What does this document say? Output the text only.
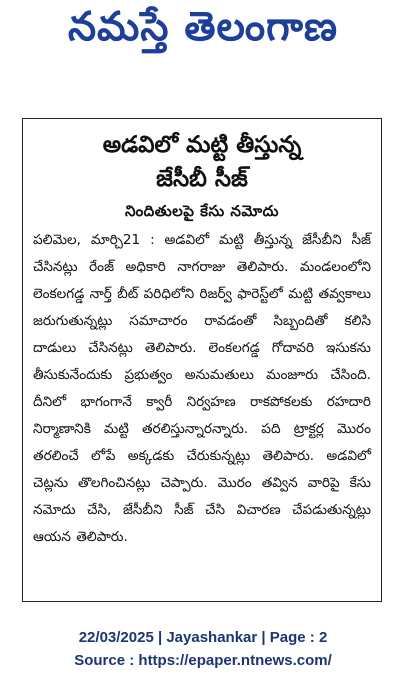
నమస్తే తెలంగాణ
అడవిలో మట్టి తీస్తున్న
జేసీబీ సీజ్
నిందితులపై కేసు నమోదు
పలిమెల, మార్చి21 : అడవిలో మట్టి తీస్తున్న జేసీబీని సీజ్ చేసినట్లు రేంజ్ అధికారి నాగరాజు తెలిపారు. మండలంలోని లెంకలగడ్డ నార్త్ బీట్ పరిధిలోని రిజర్వ్ ఫారెస్ట్‌లో మట్టి తవ్వకాలు జరుగుతున్నట్లు సమాచారం రావడంతో సిబ్బందితో కలిసి దాడులు చేసినట్లు తెలిపారు. లెంకలగడ్డ గోదావరి ఇసుకను తీసుకునేందుకు ప్రభుత్వం అనుమతులు మంజూరు చేసింది. దీనిలో భాగంగానే క్వారీ నిర్వహణ రాకపోకలకు రహదారి నిర్మాణానికి మట్టి తరలిస్తున్నారన్నారు. పది ట్రాక్టర్ల మొరం తరలించే లోపే అక్కడకు చేరుకున్నట్లు తెలిపారు. అడవిలో చెట్లను తొలగించినట్లు చెప్పారు. మొరం తవ్విన వారిపై కేసు నమోదు చేసి, జేసీబీని సీజ్ చేసి విచారణ చేపడుతున్నట్లు ఆయన తెలిపారు.
22/03/2025 | Jayashankar | Page : 2
Source : https://epaper.ntnews.com/
